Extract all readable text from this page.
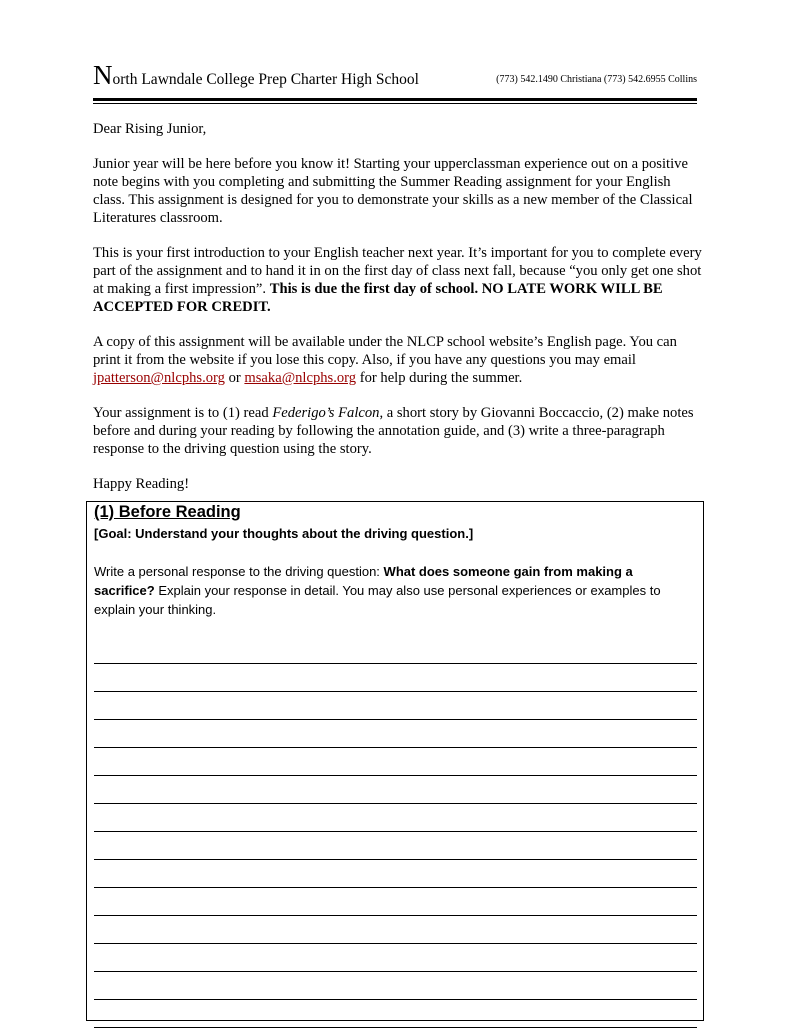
North Lawndale College Prep Charter High School	(773) 542.1490 Christiana (773) 542.6955 Collins

Dear Rising Junior,

Junior year will be here before you know it! Starting your upperclassman experience out on a positive note begins with you completing and submitting the Summer Reading assignment for your English class. This assignment is designed for you to demonstrate your skills as a new member of the Classical Literatures classroom.

This is your first introduction to your English teacher next year. It’s important for you to complete every part of the assignment and to hand it in on the first day of class next fall, because “you only get one shot at making a first impression”. This is due the first day of school. NO LATE WORK WILL BE ACCEPTED FOR CREDIT.

A copy of this assignment will be available under the NLCP school website’s English page. You can print it from the website if you lose this copy. Also, if you have any questions you may email jpatterson@nlcphs.org or msaka@nlcphs.org for help during the summer.

Your assignment is to (1) read Federigo’s Falcon, a short story by Giovanni Boccaccio, (2) make notes before and during your reading by following the annotation guide, and (3) write a three-paragraph response to the driving question using the story.

Happy Reading!

(1) Before Reading
[Goal: Understand your thoughts about the driving question.]
Write a personal response to the driving question: What does someone gain from making a sacrifice? Explain your response in detail. You may also use personal experiences or examples to explain your thinking.
